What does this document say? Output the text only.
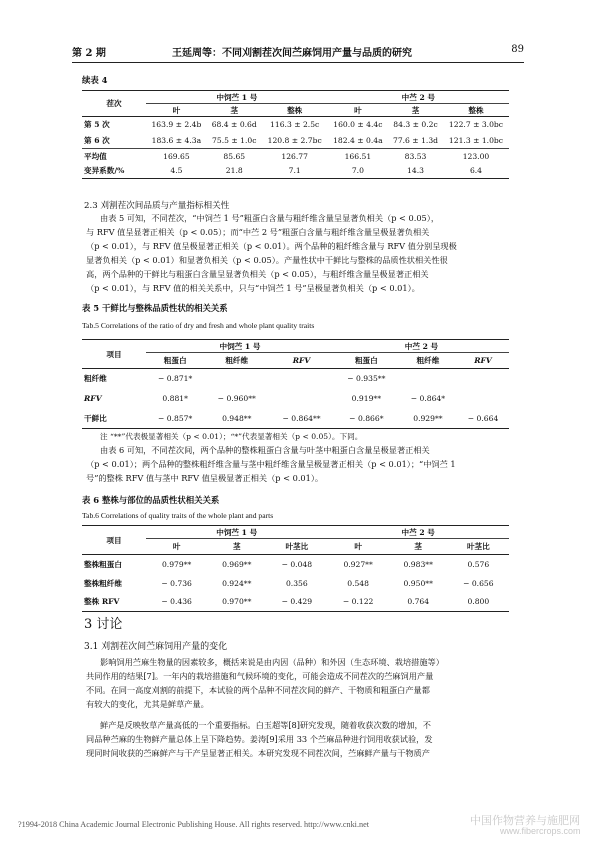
第 2 期	王延周等：不同刈割茬次间苎麻饲用产量与品质的研究	89
续表 4
茬次	中饲苎 1 号			中苎 2 号		
	叶	茎	整株	叶	茎	整株
第 5 次	163.9 ± 2.4b	68.4 ± 0.6d	116.3 ± 2.5c	160.0 ± 4.4c	84.3 ± 0.2c	122.7 ± 3.0bc
第 6 次	183.6 ± 4.3a	75.5 ± 1.0c	120.8 ± 2.7bc	182.4 ± 0.4a	77.6 ± 1.3d	121.3 ± 1.0bc
平均值	169.65	85.65	126.77	166.51	83.53	123.00
变异系数/%	4.5	21.8	7.1	7.0	14.3	6.4
2.3 刈割茬次间品质与产量指标相关性
由表 5 可知，不同茬次，“中饲苎 1 号”粗蛋白含量与粗纤维含量呈显著负相关（p < 0.05），
与 RFV 值呈显著正相关（p < 0.05）；而“中苎 2 号”粗蛋白含量与粗纤维含量呈极显著负相关
（p < 0.01），与 RFV 值呈极显著正相关（p < 0.01）。两个品种的粗纤维含量与 RFV 值分别呈现极
显著负相关（p < 0.01）和显著负相关（p < 0.05）。产量性状中干鲜比与整株的品质性状相关性很
高，两个品种的干鲜比与粗蛋白含量呈显著负相关（p < 0.05），与粗纤维含量呈极显著正相关
（p < 0.01），与 RFV 值的相关关系中，只与“中饲苎 1 号”呈极显著负相关（p < 0.01）。
表 5 干鲜比与整株品质性状的相关关系
Tab.5 Correlations of the ratio of dry and fresh and whole plant quality traits
项目	中饲苎 1 号			中苎 2 号		
	粗蛋白	粗纤维	RFV	粗蛋白	粗纤维	RFV
粗纤维	− 0.871*			− 0.935**		
RFV	0.881*	− 0.960**		0.919**	− 0.864*	
干鲜比	− 0.857*	0.948**	− 0.864**	− 0.866*	0.929**	− 0.664
注 “**”代表极显著相关（p < 0.01）；“*”代表显著相关（p < 0.05）。下同。
由表 6 可知，不同茬次间，两个品种的整株粗蛋白含量与叶茎中粗蛋白含量呈极显著正相关
（p < 0.01）；两个品种的整株粗纤维含量与茎中粗纤维含量呈极显著正相关（p < 0.01）；“中饲苎 1
号”的整株 RFV 值与茎中 RFV 值呈极显著正相关（p < 0.01）。
表 6 整株与部位的品质性状相关关系
Tab.6 Correlations of quality traits of the whole plant and parts
项目	中饲苎 1 号			中苎 2 号		
	叶	茎	叶茎比	叶	茎	叶茎比
整株粗蛋白	0.979**	0.969**	− 0.048	0.927**	0.983**	0.576
整株粗纤维	− 0.736	0.924**	0.356	0.548	0.950**	− 0.656
整株 RFV	− 0.436	0.970**	− 0.429	− 0.122	0.764	0.800
3 讨论
3.1 刈割茬次间苎麻饲用产量的变化
影响饲用苎麻生物量的因素较多，概括来说是由内因（品种）和外因（生态环境、栽培措施等）
共同作用的结果[7]。一年内的栽培措施和气候环境的变化，可能会造成不同茬次的苎麻饲用产量
不同。在同一高度刈割的前提下，本试验的两个品种不同茬次间的鲜产、干物质和粗蛋白产量都
有较大的变化，尤其是鲜草产量。
鲜产是反映牧草产量高低的一个重要指标。白玉超等[8]研究发现，随着收获次数的增加，不
同品种苎麻的生物鲜产量总体上呈下降趋势。姜涛[9]采用 33 个苎麻品种进行饲用收获试验，发
现同时间收获的苎麻鲜产与干产呈显著正相关。本研究发现不同茬次间，苎麻鲜产量与干物质产
?1994-2018 China Academic Journal Electronic Publishing House. All rights reserved. http://www.cnki.net	中国作物营养与施肥网
www.fibercrops.com
